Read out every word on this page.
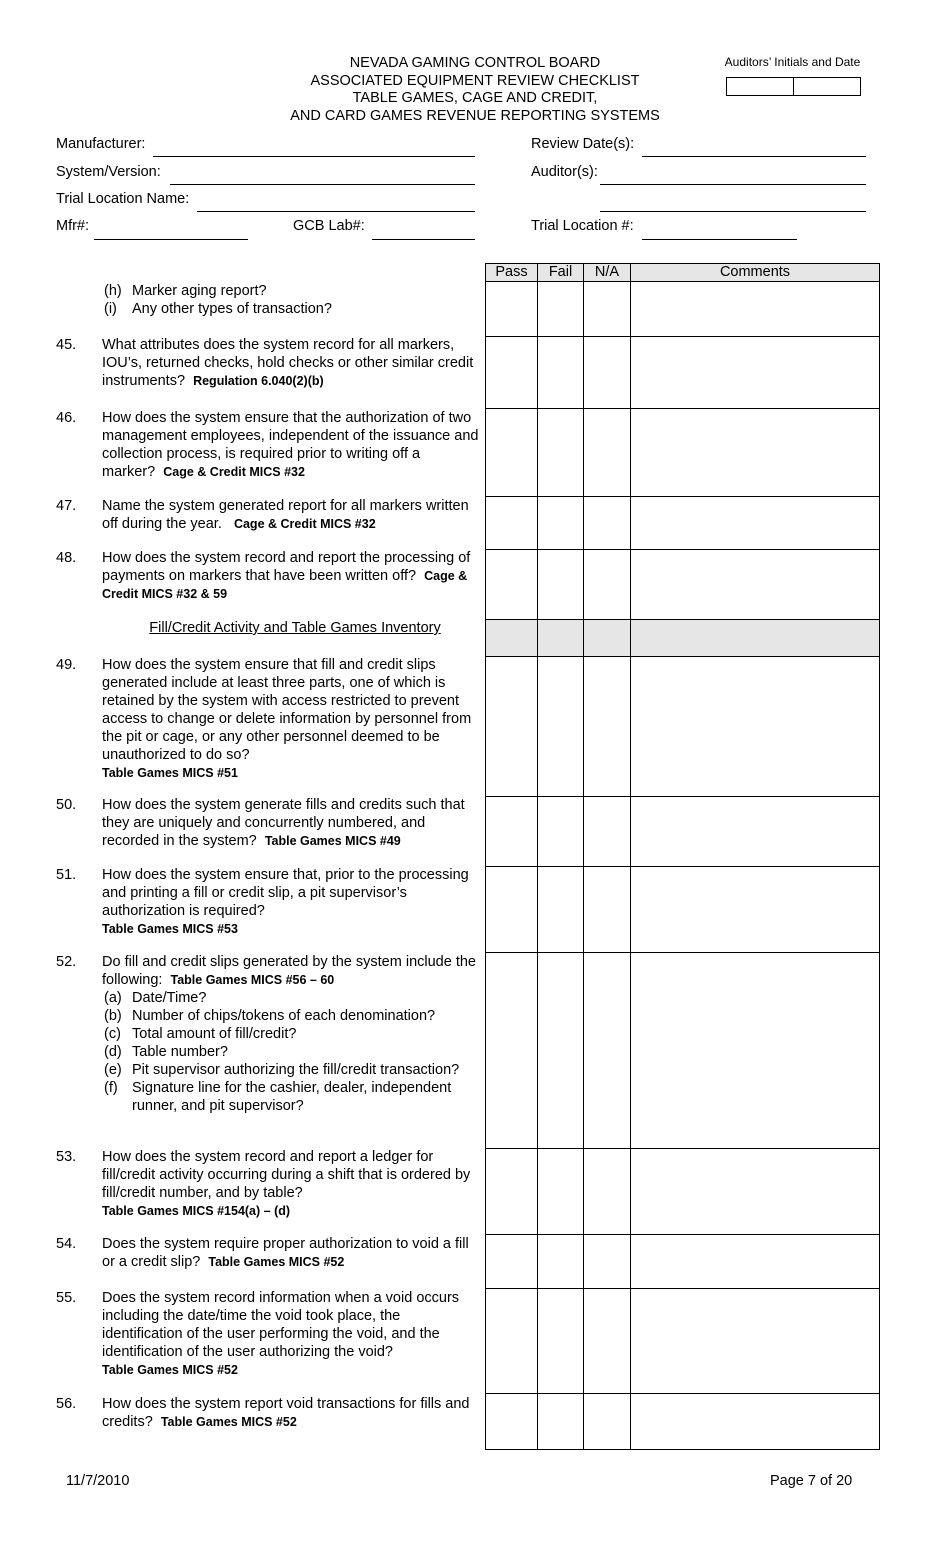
NEVADA GAMING CONTROL BOARD
ASSOCIATED EQUIPMENT REVIEW CHECKLIST
TABLE GAMES, CAGE AND CREDIT,
AND CARD GAMES REVENUE REPORTING SYSTEMS
Auditors’ Initials and Date
Manufacturer:
System/Version:
Trial Location Name:
Mfr#:	GCB Lab#:
Review Date(s):
Auditor(s):
Trial Location #:
(h) Marker aging report?
(i) Any other types of transaction?
45. What attributes does the system record for all markers, IOU’s, returned checks, hold checks or other similar credit instruments? Regulation 6.040(2)(b)
46. How does the system ensure that the authorization of two management employees, independent of the issuance and collection process, is required prior to writing off a marker? Cage & Credit MICS #32
47. Name the system generated report for all markers written off during the year. Cage & Credit MICS #32
48. How does the system record and report the processing of payments on markers that have been written off? Cage & Credit MICS #32 & 59
Fill/Credit Activity and Table Games Inventory
49. How does the system ensure that fill and credit slips generated include at least three parts, one of which is retained by the system with access restricted to prevent access to change or delete information by personnel from the pit or cage, or any other personnel deemed to be unauthorized to do so?
Table Games MICS #51
50. How does the system generate fills and credits such that they are uniquely and concurrently numbered, and recorded in the system? Table Games MICS #49
51. How does the system ensure that, prior to the processing and printing a fill or credit slip, a pit supervisor’s authorization is required?
Table Games MICS #53
52. Do fill and credit slips generated by the system include the following: Table Games MICS #56 – 60
(a) Date/Time?
(b) Number of chips/tokens of each denomination?
(c) Total amount of fill/credit?
(d) Table number?
(e) Pit supervisor authorizing the fill/credit transaction?
(f) Signature line for the cashier, dealer, independent runner, and pit supervisor?
53. How does the system record and report a ledger for fill/credit activity occurring during a shift that is ordered by fill/credit number, and by table?
Table Games MICS #154(a) – (d)
54. Does the system require proper authorization to void a fill or a credit slip? Table Games MICS #52
55. Does the system record information when a void occurs including the date/time the void took place, the identification of the user performing the void, and the identification of the user authorizing the void?
Table Games MICS #52
56. How does the system report void transactions for fills and credits? Table Games MICS #52
Pass	Fail	N/A	Comments
11/7/2010	Page 7 of 20
